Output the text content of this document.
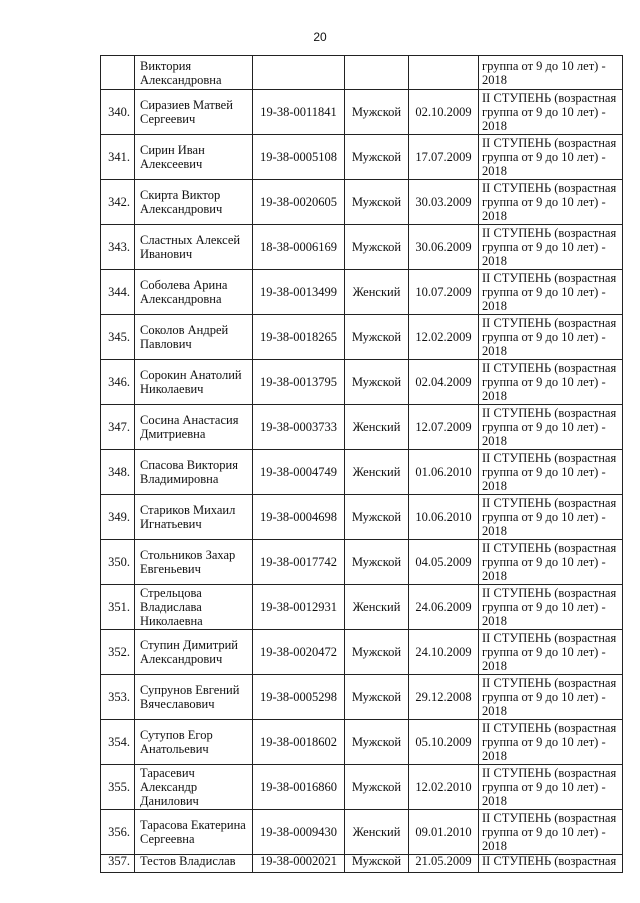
20
	Виктория Александровна				группа от 9 до 10 лет) - 2018
340.	Сиразиев Матвей Сергеевич	19-38-0011841	Мужской	02.10.2009	II СТУПЕНЬ (возрастная группа от 9 до 10 лет) - 2018
341.	Сирин Иван Алексеевич	19-38-0005108	Мужской	17.07.2009	II СТУПЕНЬ (возрастная группа от 9 до 10 лет) - 2018
342.	Скирта Виктор Александрович	19-38-0020605	Мужской	30.03.2009	II СТУПЕНЬ (возрастная группа от 9 до 10 лет) - 2018
343.	Сластных Алексей Иванович	18-38-0006169	Мужской	30.06.2009	II СТУПЕНЬ (возрастная группа от 9 до 10 лет) - 2018
344.	Соболева Арина Александровна	19-38-0013499	Женский	10.07.2009	II СТУПЕНЬ (возрастная группа от 9 до 10 лет) - 2018
345.	Соколов Андрей Павлович	19-38-0018265	Мужской	12.02.2009	II СТУПЕНЬ (возрастная группа от 9 до 10 лет) - 2018
346.	Сорокин Анатолий Николаевич	19-38-0013795	Мужской	02.04.2009	II СТУПЕНЬ (возрастная группа от 9 до 10 лет) - 2018
347.	Сосина Анастасия Дмитриевна	19-38-0003733	Женский	12.07.2009	II СТУПЕНЬ (возрастная группа от 9 до 10 лет) - 2018
348.	Спасова Виктория Владимировна	19-38-0004749	Женский	01.06.2010	II СТУПЕНЬ (возрастная группа от 9 до 10 лет) - 2018
349.	Стариков Михаил Игнатьевич	19-38-0004698	Мужской	10.06.2010	II СТУПЕНЬ (возрастная группа от 9 до 10 лет) - 2018
350.	Стольников Захар Евгеньевич	19-38-0017742	Мужской	04.05.2009	II СТУПЕНЬ (возрастная группа от 9 до 10 лет) - 2018
351.	Стрельцова Владислава Николаевна	19-38-0012931	Женский	24.06.2009	II СТУПЕНЬ (возрастная группа от 9 до 10 лет) - 2018
352.	Ступин Димитрий Александрович	19-38-0020472	Мужской	24.10.2009	II СТУПЕНЬ (возрастная группа от 9 до 10 лет) - 2018
353.	Супрунов Евгений Вячеславович	19-38-0005298	Мужской	29.12.2008	II СТУПЕНЬ (возрастная группа от 9 до 10 лет) - 2018
354.	Сутупов Егор Анатольевич	19-38-0018602	Мужской	05.10.2009	II СТУПЕНЬ (возрастная группа от 9 до 10 лет) - 2018
355.	Тарасевич Александр Данилович	19-38-0016860	Мужской	12.02.2010	II СТУПЕНЬ (возрастная группа от 9 до 10 лет) - 2018
356.	Тарасова Екатерина Сергеевна	19-38-0009430	Женский	09.01.2010	II СТУПЕНЬ (возрастная группа от 9 до 10 лет) - 2018
357.	Тестов Владислав	19-38-0002021	Мужской	21.05.2009	II СТУПЕНЬ (возрастная
